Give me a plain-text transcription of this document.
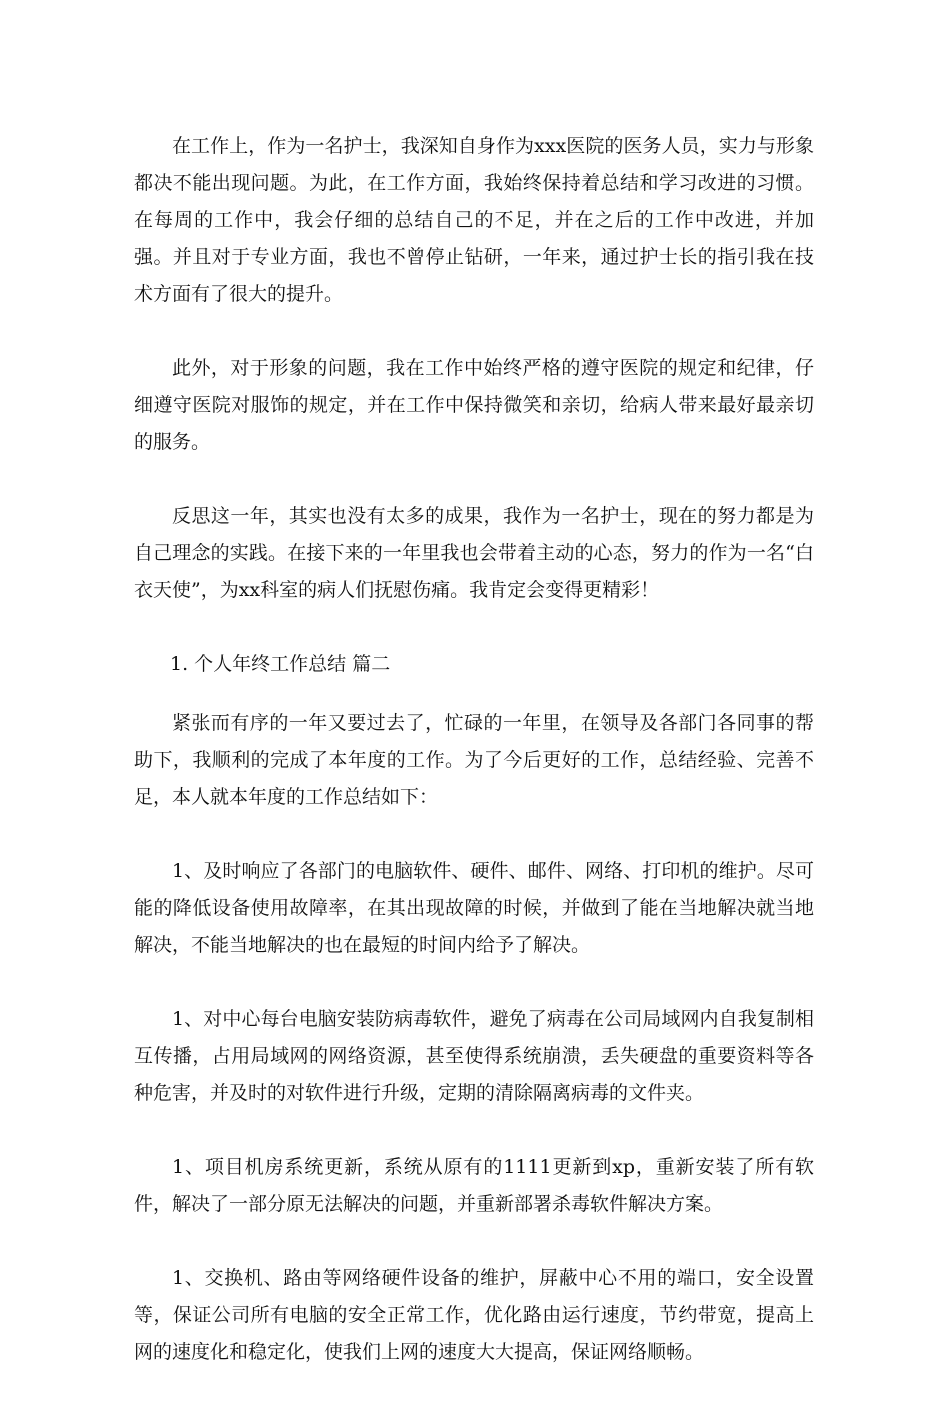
在工作上，作为一名护士，我深知自身作为xxx医院的医务人员，实力与形象都决不能出现问题。为此，在工作方面，我始终保持着总结和学习改进的习惯。在每周的工作中，我会仔细的总结自己的不足，并在之后的工作中改进，并加强。并且对于专业方面，我也不曾停止钻研，一年来，通过护士长的指引我在技术方面有了很大的提升。

此外，对于形象的问题，我在工作中始终严格的遵守医院的规定和纪律，仔细遵守医院对服饰的规定，并在工作中保持微笑和亲切，给病人带来最好最亲切的服务。

反思这一年，其实也没有太多的成果，我作为一名护士，现在的努力都是为自己理念的实践。在接下来的一年里我也会带着主动的心态，努力的作为一名“白衣天使”，为xx科室的病人们抚慰伤痛。我肯定会变得更精彩！

1. 个人年终工作总结 篇二

紧张而有序的一年又要过去了，忙碌的一年里，在领导及各部门各同事的帮助下，我顺利的完成了本年度的工作。为了今后更好的工作，总结经验、完善不足，本人就本年度的工作总结如下：

1、及时响应了各部门的电脑软件、硬件、邮件、网络、打印机的维护。尽可能的降低设备使用故障率，在其出现故障的时候，并做到了能在当地解决就当地解决，不能当地解决的也在最短的时间内给予了解决。

1、对中心每台电脑安装防病毒软件，避免了病毒在公司局域网内自我复制相互传播，占用局域网的网络资源，甚至使得系统崩溃，丢失硬盘的重要资料等各种危害，并及时的对软件进行升级，定期的清除隔离病毒的文件夹。

1、项目机房系统更新，系统从原有的1111更新到xp，重新安装了所有软件，解决了一部分原无法解决的问题，并重新部署杀毒软件解决方案。

1、交换机、路由等网络硬件设备的维护，屏蔽中心不用的端口，安全设置等，保证公司所有电脑的安全正常工作，优化路由运行速度，节约带宽，提高上网的速度化和稳定化，使我们上网的速度大大提高，保证网络顺畅。
